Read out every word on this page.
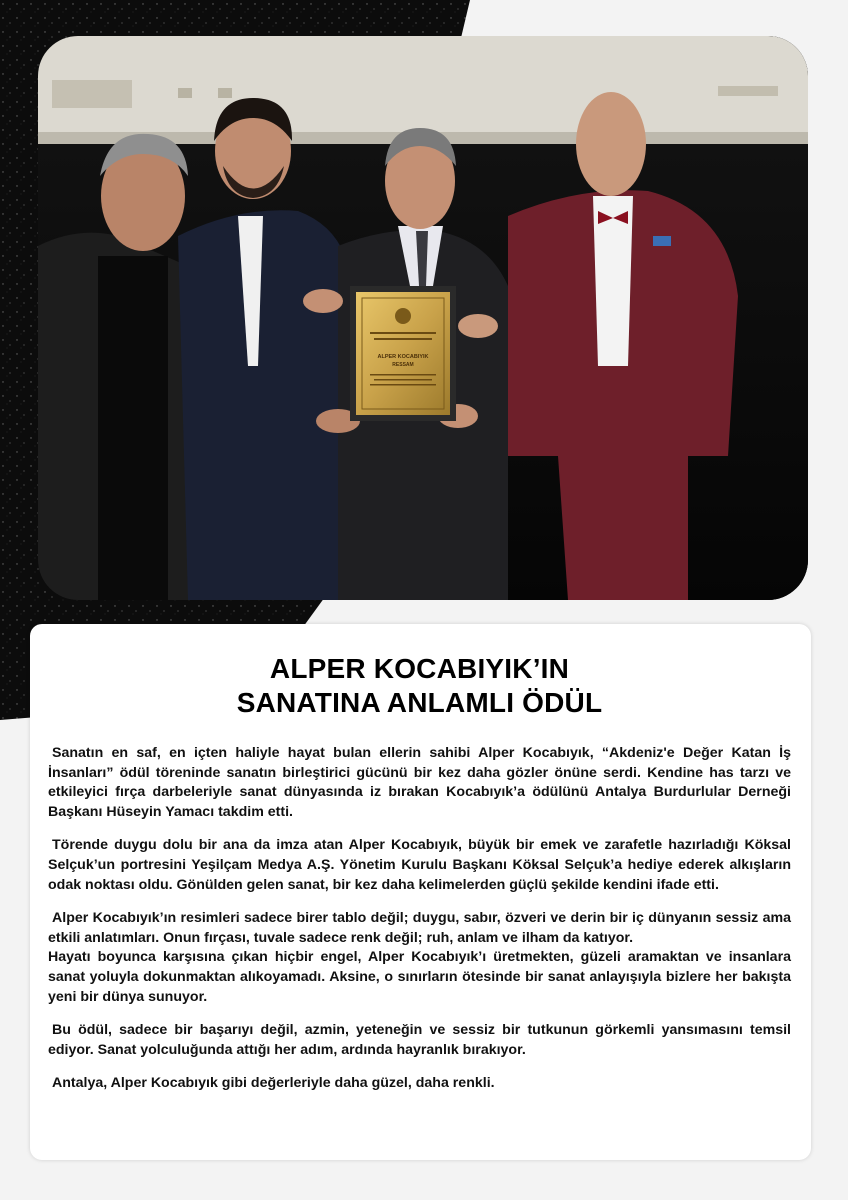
ALPER KOCABIYIK
RESSAM
ALPER KOCABIYIK’IN
SANATINA ANLAMLI ÖDÜL

Sanatın en saf, en içten haliyle hayat bulan ellerin sahibi Alper Kocabıyık, “Akdeniz'e Değer Katan İş İnsanları” ödül töreninde sanatın birleştirici gücünü bir kez daha gözler önüne serdi. Kendine has tarzı ve etkileyici fırça darbeleriyle sanat dünyasında iz bırakan Kocabıyık’a ödülünü Antalya Burdurlular Derneği Başkanı Hüseyin Yamacı takdim etti.

Törende duygu dolu bir ana da imza atan Alper Kocabıyık, büyük bir emek ve zarafetle hazırladığı Köksal Selçuk’un portresini Yeşilçam Medya A.Ş. Yönetim Kurulu Başkanı Köksal Selçuk’a hediye ederek alkışların odak noktası oldu. Gönülden gelen sanat, bir kez daha kelimelerden güçlü şekilde kendini ifade etti.

Alper Kocabıyık’ın resimleri sadece birer tablo değil; duygu, sabır, özveri ve derin bir iç dünyanın sessiz ama etkili anlatımları. Onun fırçası, tuvale sadece renk değil; ruh, anlam ve ilham da katıyor.

Hayatı boyunca karşısına çıkan hiçbir engel, Alper Kocabıyık’ı üretmekten, güzeli aramaktan ve insanlara sanat yoluyla dokunmaktan alıkoyamadı. Aksine, o sınırların ötesinde bir sanat anlayışıyla bizlere her bakışta yeni bir dünya sunuyor.

Bu ödül, sadece bir başarıyı değil, azmin, yeteneğin ve sessiz bir tutkunun görkemli yansımasını temsil ediyor. Sanat yolculuğunda attığı her adım, ardında hayranlık bırakıyor.

Antalya, Alper Kocabıyık gibi değerleriyle daha güzel, daha renkli.
